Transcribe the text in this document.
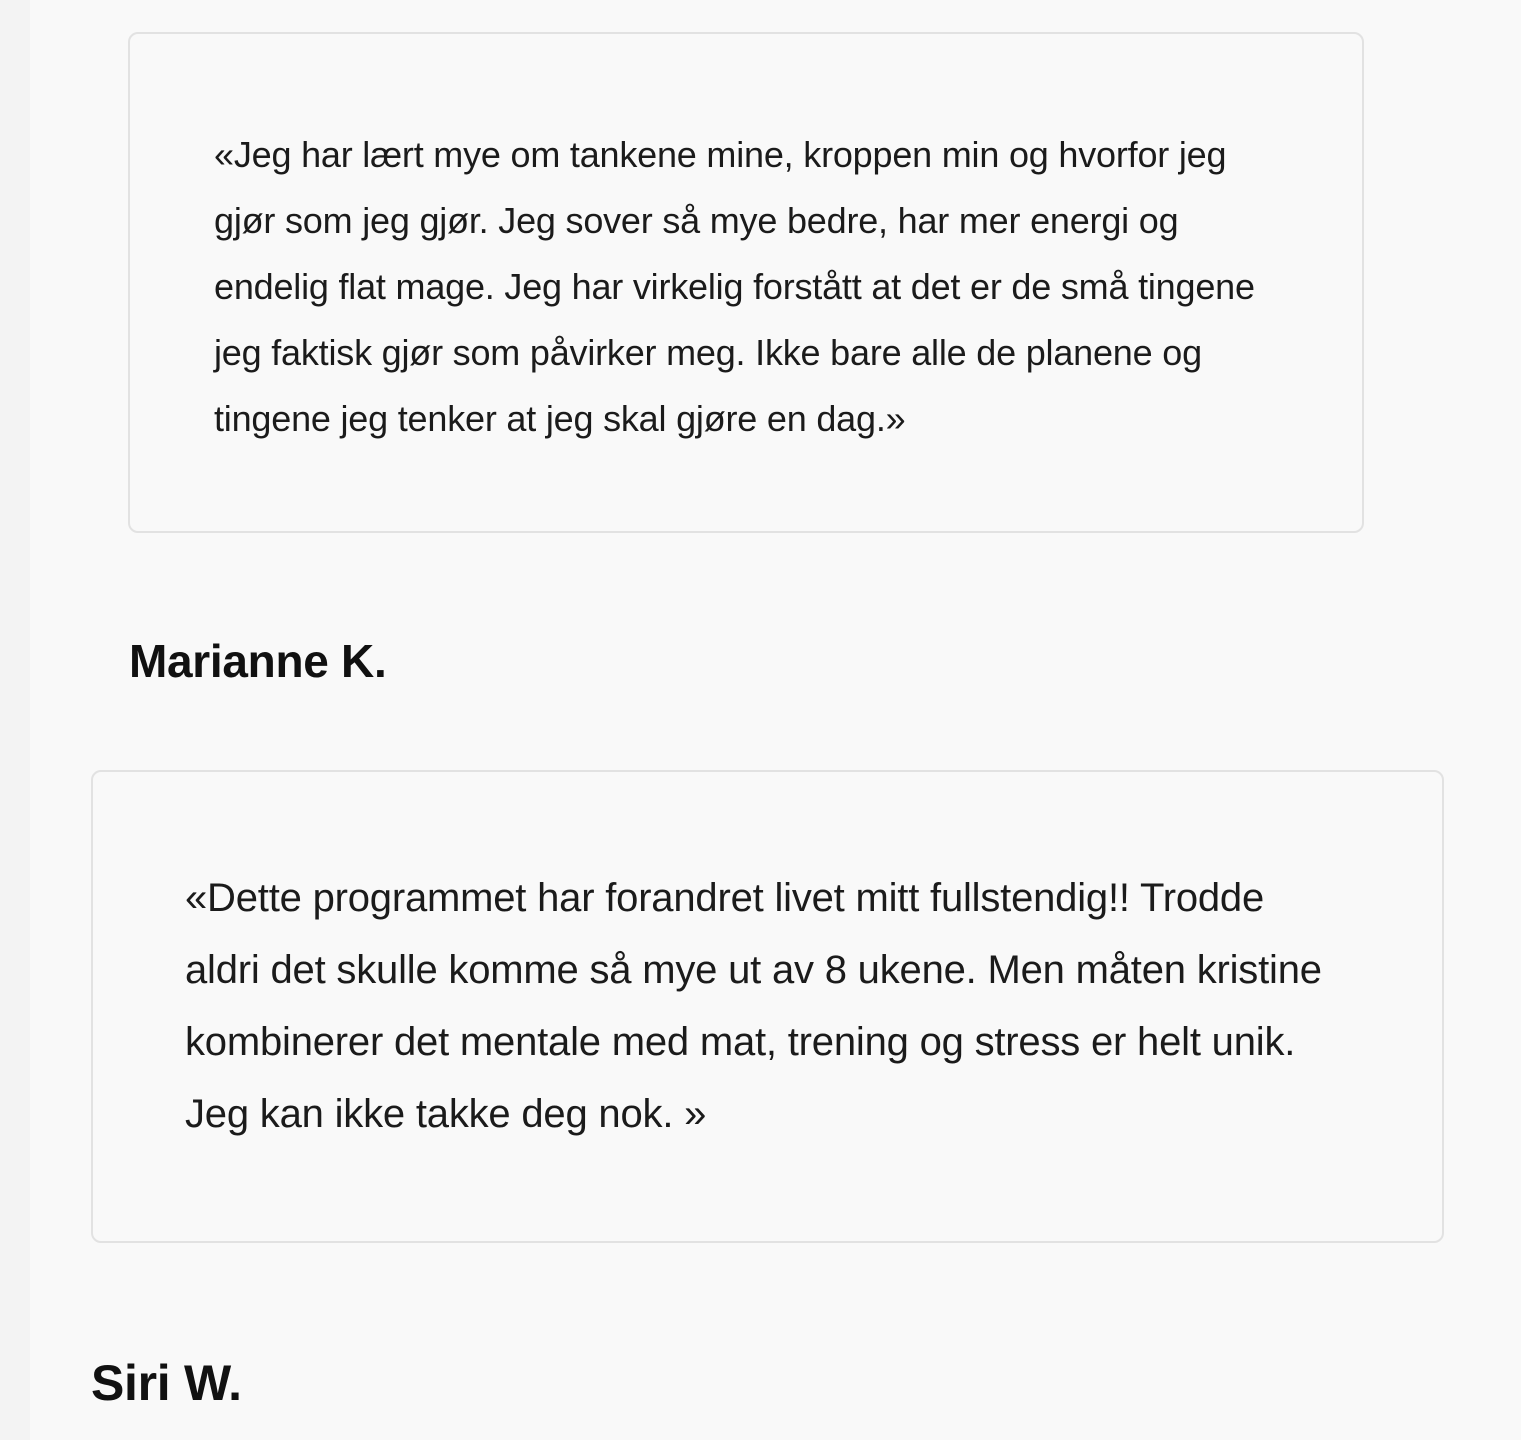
«Jeg har lært mye om tankene mine, kroppen min og hvorfor jeg gjør som jeg gjør. Jeg sover så mye bedre, har mer energi og endelig flat mage. Jeg har virkelig forstått at det er de små tingene jeg faktisk gjør som påvirker meg. Ikke bare alle de planene og tingene jeg tenker at jeg skal gjøre en dag.»

Marianne K.

«Dette programmet har forandret livet mitt fullstendig!! Trodde aldri det skulle komme så mye ut av 8 ukene. Men måten kristine kombinerer det mentale med mat, trening og stress er helt unik. Jeg kan ikke takke deg nok. »

Siri W.
